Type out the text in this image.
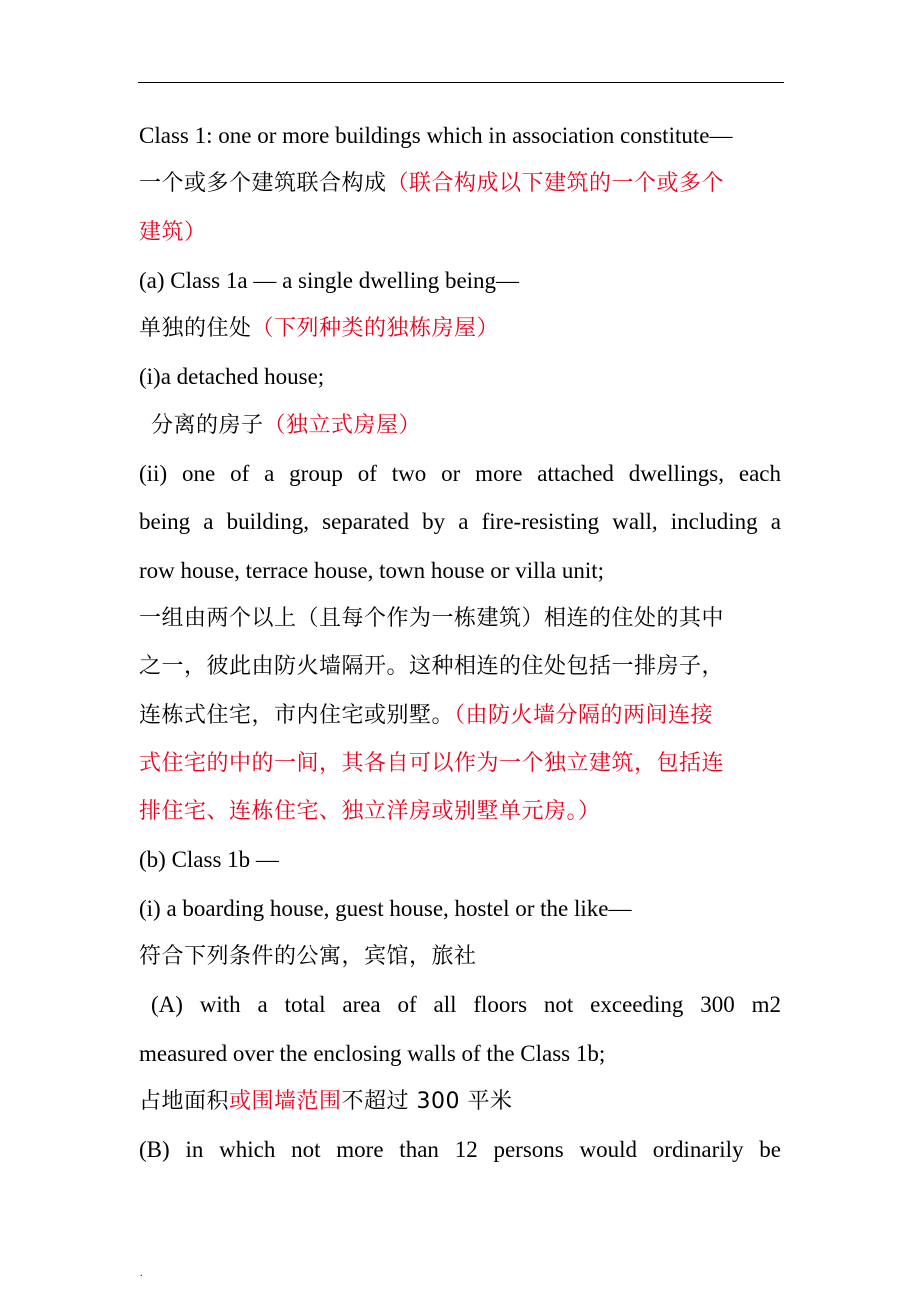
Class 1: one or more buildings which in association constitute—
一个或多个建筑联合构成（联合构成以下建筑的一个或多个
建筑）
(a) Class 1a — a single dwelling being—
单独的住处（下列种类的独栋房屋）
(i)a detached house;
分离的房子（独立式房屋）
(ii) one of a group of two or more attached dwellings, each
being a building, separated by a fire-resisting wall, including a
row house, terrace house, town house or villa unit;
一组由两个以上（且每个作为一栋建筑）相连的住处的其中
之一，彼此由防火墙隔开。这种相连的住处包括一排房子，
连栋式住宅，市内住宅或别墅。（由防火墙分隔的两间连接
式住宅的中的一间，其各自可以作为一个独立建筑，包括连
排住宅、连栋住宅、独立洋房或别墅单元房。）
(b) Class 1b —
(i) a boarding house, guest house, hostel or the like—
符合下列条件的公寓，宾馆，旅社
(A) with a total area of all floors not exceeding 300 m2
measured over the enclosing walls of the Class 1b;
占地面积或围墙范围不超过 300 平米
(B) in which not more than 12 persons would ordinarily be
.
